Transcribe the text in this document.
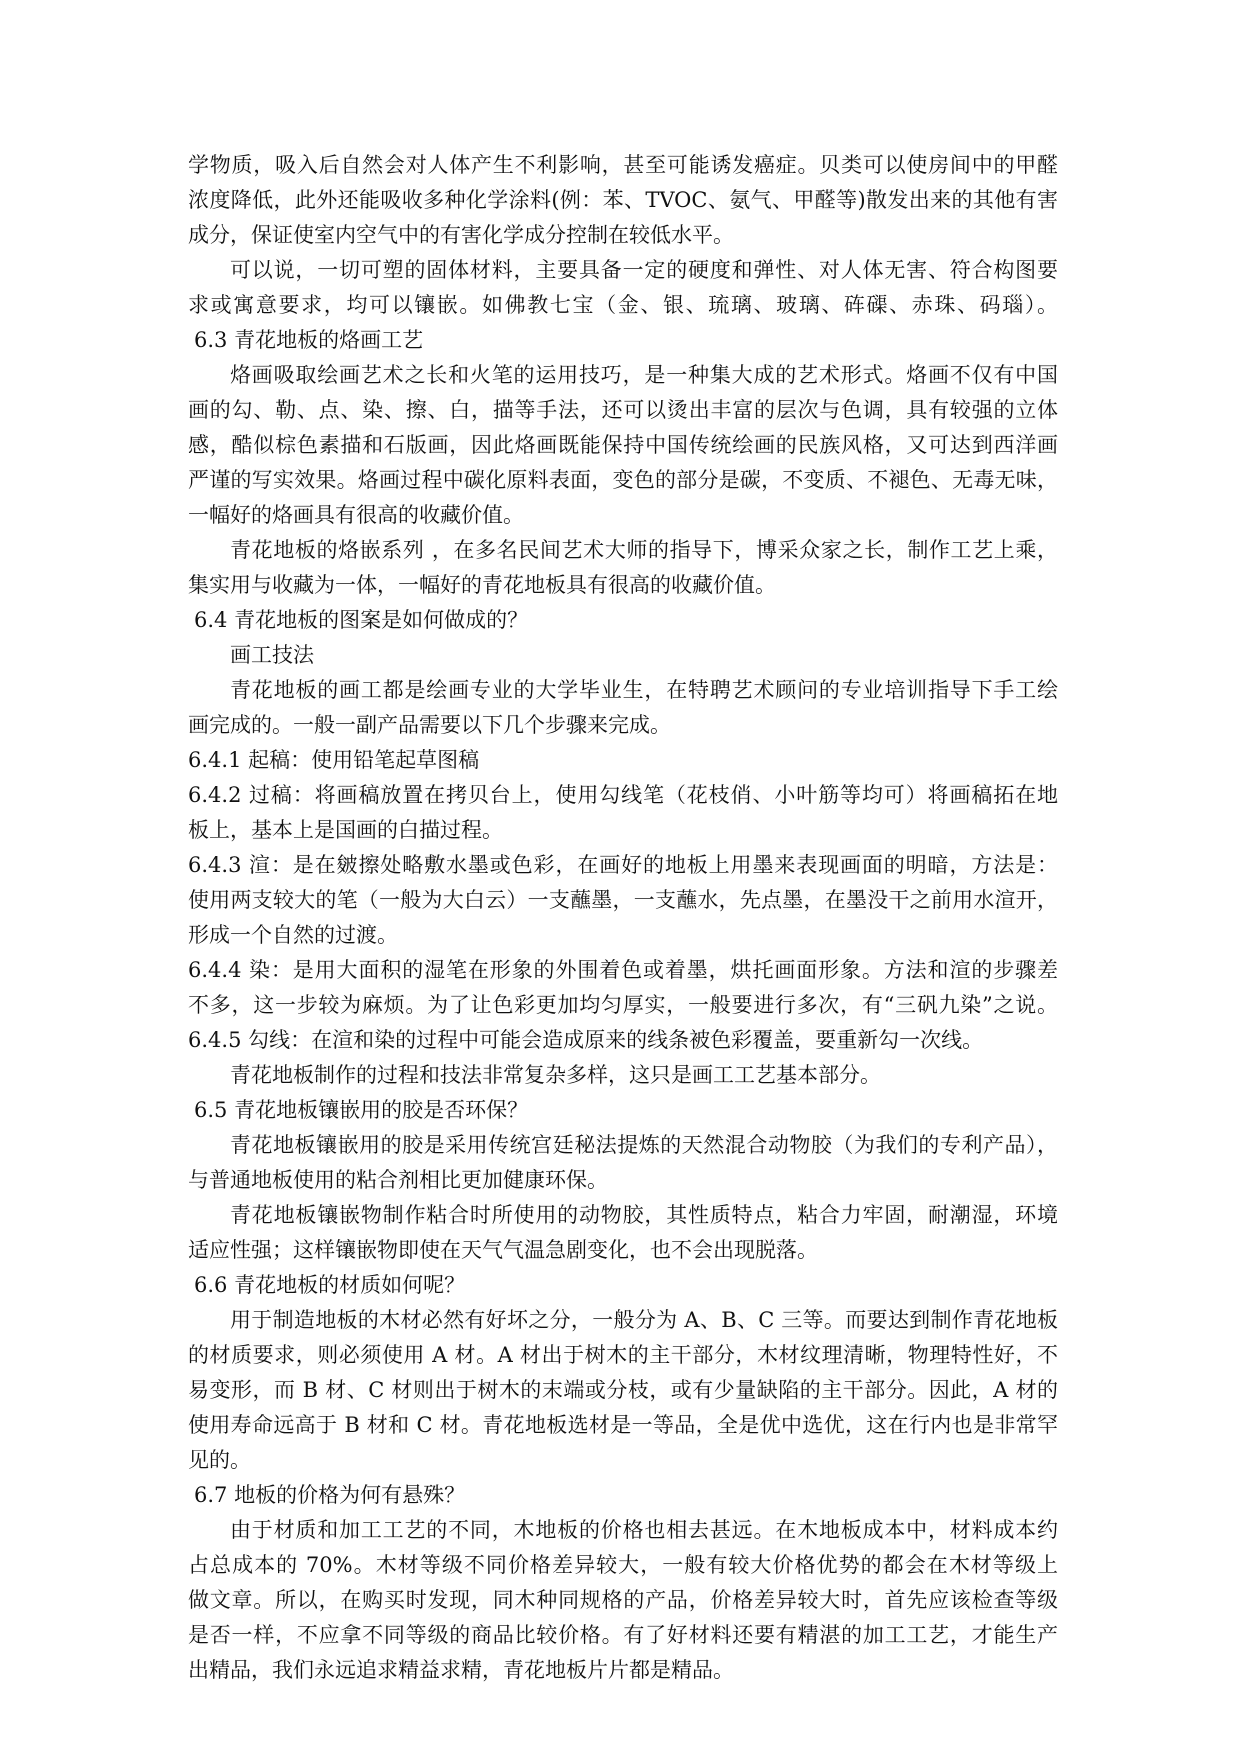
学物质，吸入后自然会对人体产生不利影响，甚至可能诱发癌症。贝类可以使房间中的甲醛
浓度降低，此外还能吸收多种化学涂料(例：苯、TVOC、氨气、甲醛等)散发出来的其他有害
成分，保证使室内空气中的有害化学成分控制在较低水平。
可以说，一切可塑的固体材料，主要具备一定的硬度和弹性、对人体无害、符合构图要
求或寓意要求，均可以镶嵌。如佛教七宝（金、银、琉璃、玻璃、砗磲、赤珠、码瑙）。
6.3 青花地板的烙画工艺
烙画吸取绘画艺术之长和火笔的运用技巧，是一种集大成的艺术形式。烙画不仅有中国
画的勾、勒、点、染、擦、白，描等手法，还可以烫出丰富的层次与色调，具有较强的立体
感，酷似棕色素描和石版画，因此烙画既能保持中国传统绘画的民族风格，又可达到西洋画
严谨的写实效果。烙画过程中碳化原料表面，变色的部分是碳，不变质、不褪色、无毒无味，
一幅好的烙画具有很高的收藏价值。
青花地板的烙嵌系列 ，在多名民间艺术大师的指导下，博采众家之长，制作工艺上乘，
集实用与收藏为一体，一幅好的青花地板具有很高的收藏价值。
6.4 青花地板的图案是如何做成的？
画工技法
青花地板的画工都是绘画专业的大学毕业生，在特聘艺术顾问的专业培训指导下手工绘
画完成的。一般一副产品需要以下几个步骤来完成。
6.4.1 起稿：使用铅笔起草图稿
6.4.2 过稿：将画稿放置在拷贝台上，使用勾线笔（花枝俏、小叶筋等均可）将画稿拓在地
板上，基本上是国画的白描过程。
6.4.3 渲：是在皴擦处略敷水墨或色彩，在画好的地板上用墨来表现画面的明暗，方法是：
使用两支较大的笔（一般为大白云）一支蘸墨，一支蘸水，先点墨，在墨没干之前用水渲开，
形成一个自然的过渡。
6.4.4 染：是用大面积的湿笔在形象的外围着色或着墨，烘托画面形象。方法和渲的步骤差
不多，这一步较为麻烦。为了让色彩更加均匀厚实，一般要进行多次，有“三矾九染”之说。
6.4.5 勾线：在渲和染的过程中可能会造成原来的线条被色彩覆盖，要重新勾一次线。
青花地板制作的过程和技法非常复杂多样，这只是画工工艺基本部分。
6.5 青花地板镶嵌用的胶是否环保？
青花地板镶嵌用的胶是采用传统宫廷秘法提炼的天然混合动物胶（为我们的专利产品），
与普通地板使用的粘合剂相比更加健康环保。
青花地板镶嵌物制作粘合时所使用的动物胶，其性质特点，粘合力牢固，耐潮湿，环境
适应性强；这样镶嵌物即使在天气气温急剧变化，也不会出现脱落。
6.6 青花地板的材质如何呢？
用于制造地板的木材必然有好坏之分，一般分为 A、B、C 三等。而要达到制作青花地板
的材质要求，则必须使用 A 材。A 材出于树木的主干部分，木材纹理清晰，物理特性好，不
易变形，而 B 材、C 材则出于树木的末端或分枝，或有少量缺陷的主干部分。因此，A 材的
使用寿命远高于 B 材和 C 材。青花地板选材是一等品，全是优中选优，这在行内也是非常罕
见的。
6.7 地板的价格为何有悬殊？
由于材质和加工工艺的不同，木地板的价格也相去甚远。在木地板成本中，材料成本约
占总成本的 70%。木材等级不同价格差异较大，一般有较大价格优势的都会在木材等级上
做文章。所以，在购买时发现，同木种同规格的产品，价格差异较大时，首先应该检查等级
是否一样，不应拿不同等级的商品比较价格。有了好材料还要有精湛的加工工艺，才能生产
出精品，我们永远追求精益求精，青花地板片片都是精品。
